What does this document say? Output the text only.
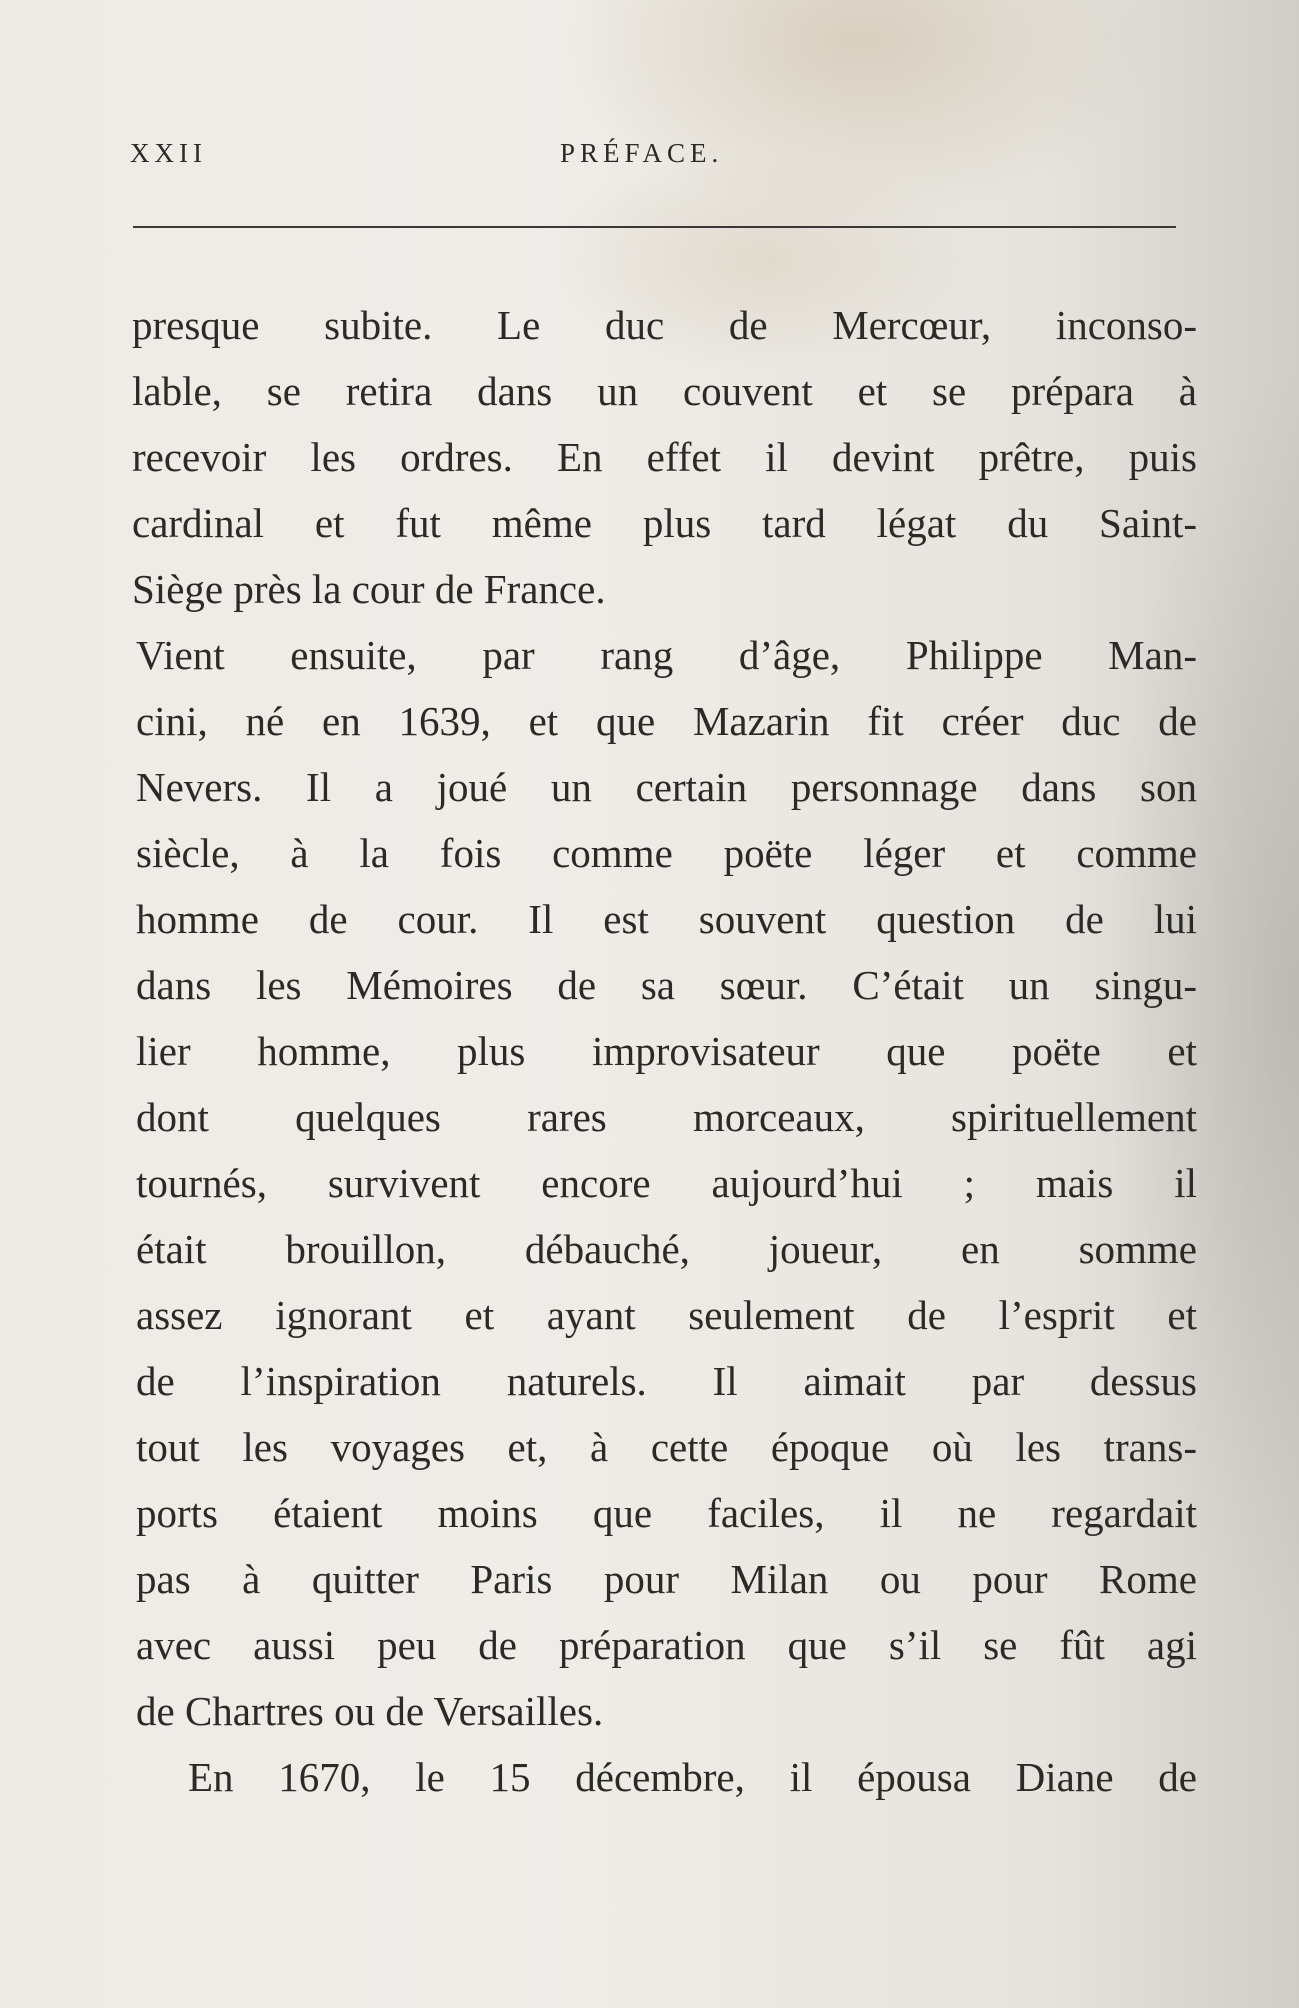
XXII	PRÉFACE.
presque subite. Le duc de Mercœur, inconso-
lable, se retira dans un couvent et se prépara à
recevoir les ordres. En effet il devint prêtre, puis
cardinal et fut même plus tard légat du Saint-
Siège près la cour de France.
Vient ensuite, par rang d’âge, Philippe Man-
cini, né en 1639, et que Mazarin fit créer duc de
Nevers. Il a joué un certain personnage dans son
siècle, à la fois comme poëte léger et comme
homme de cour. Il est souvent question de lui
dans les Mémoires de sa sœur. C’était un singu-
lier homme, plus improvisateur que poëte et
dont quelques rares morceaux, spirituellement
tournés, survivent encore aujourd’hui ; mais il
était brouillon, débauché, joueur, en somme
assez ignorant et ayant seulement de l’esprit et
de l’inspiration naturels. Il aimait par dessus
tout les voyages et, à cette époque où les trans-
ports étaient moins que faciles, il ne regardait
pas à quitter Paris pour Milan ou pour Rome
avec aussi peu de préparation que s’il se fût agi
de Chartres ou de Versailles.
En 1670, le 15 décembre, il épousa Diane de
